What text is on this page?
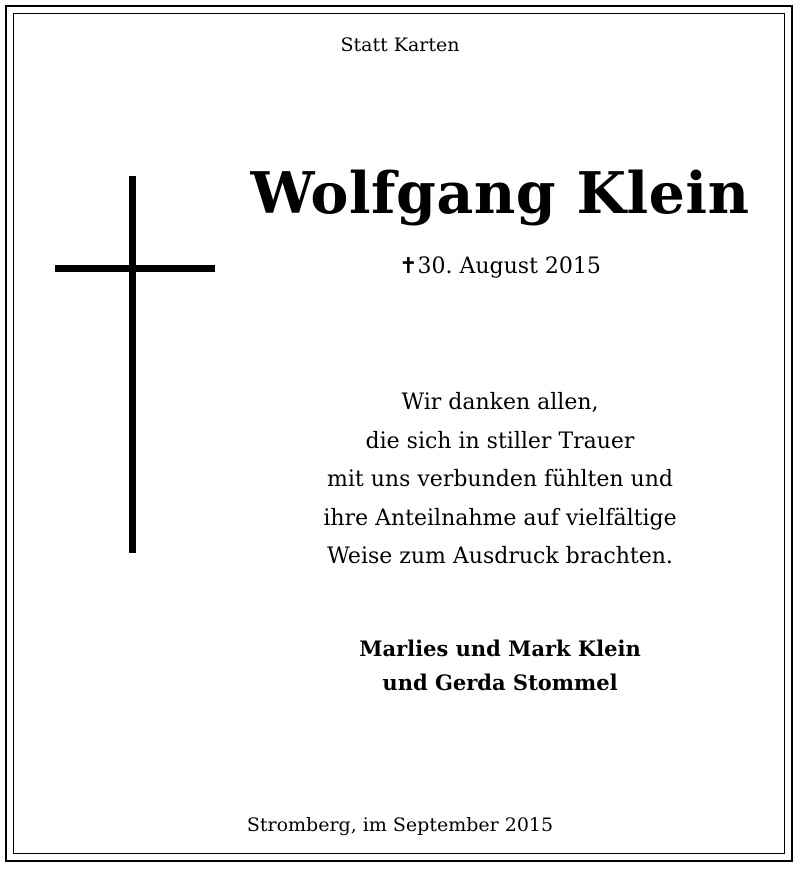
Statt Karten
Wolfgang Klein
✝30. August 2015
Wir danken allen,
die sich in stiller Trauer
mit uns verbunden fühlten und
ihre Anteilnahme auf vielfältige
Weise zum Ausdruck brachten.
Marlies und Mark Klein
und Gerda Stommel
Stromberg, im September 2015
